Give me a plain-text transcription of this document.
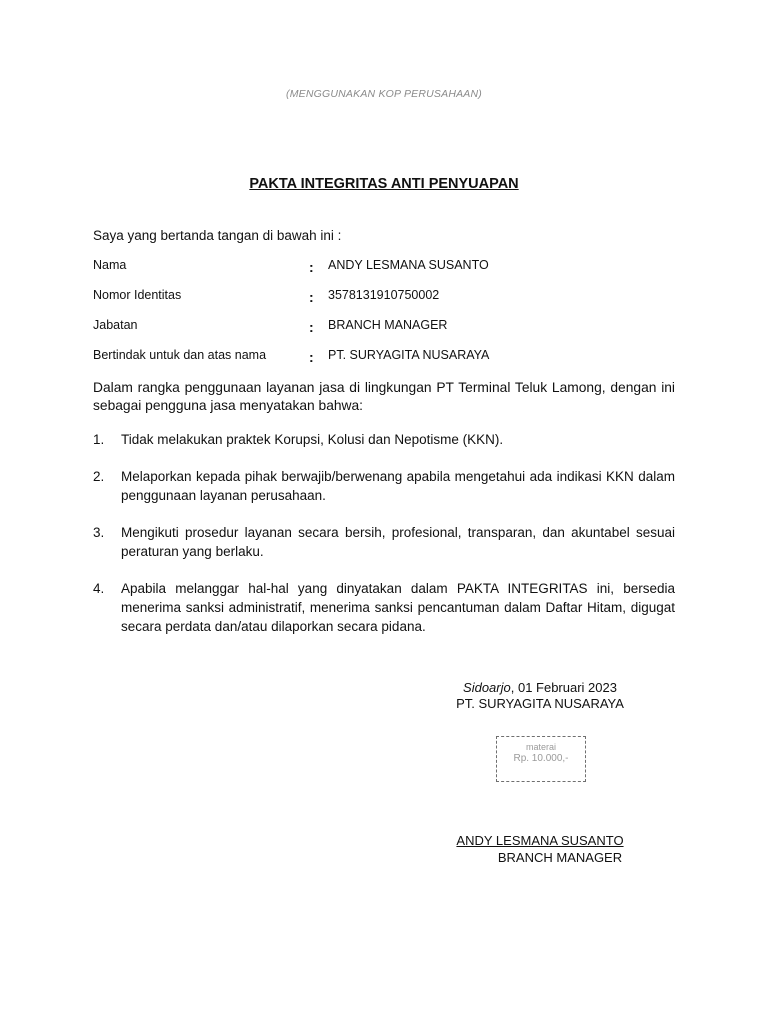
(MENGGUNAKAN KOP PERUSAHAAN)
PAKTA INTEGRITAS ANTI PENYUAPAN
Saya yang bertanda tangan di bawah ini :
Nama	: ANDY LESMANA SUSANTO
Nomor Identitas	: 3578131910750002
Jabatan	: BRANCH MANAGER
Bertindak untuk dan atas nama	: PT. SURYAGITA NUSARAYA
Dalam rangka penggunaan layanan jasa di lingkungan PT Terminal Teluk Lamong, dengan ini sebagai pengguna jasa menyatakan bahwa:
1. Tidak melakukan praktek Korupsi, Kolusi dan Nepotisme (KKN).
2. Melaporkan kepada pihak berwajib/berwenang apabila mengetahui ada indikasi KKN dalam penggunaan layanan perusahaan.
3. Mengikuti prosedur layanan secara bersih, profesional, transparan, dan akuntabel sesuai peraturan yang berlaku.
4. Apabila melanggar hal-hal yang dinyatakan dalam PAKTA INTEGRITAS ini, bersedia menerima sanksi administratif, menerima sanksi pencantuman dalam Daftar Hitam, digugat secara perdata dan/atau dilaporkan secara pidana.
Sidoarjo, 01 Februari 2023
PT. SURYAGITA NUSARAYA
materai
Rp. 10.000,-
ANDY LESMANA SUSANTO
BRANCH MANAGER
